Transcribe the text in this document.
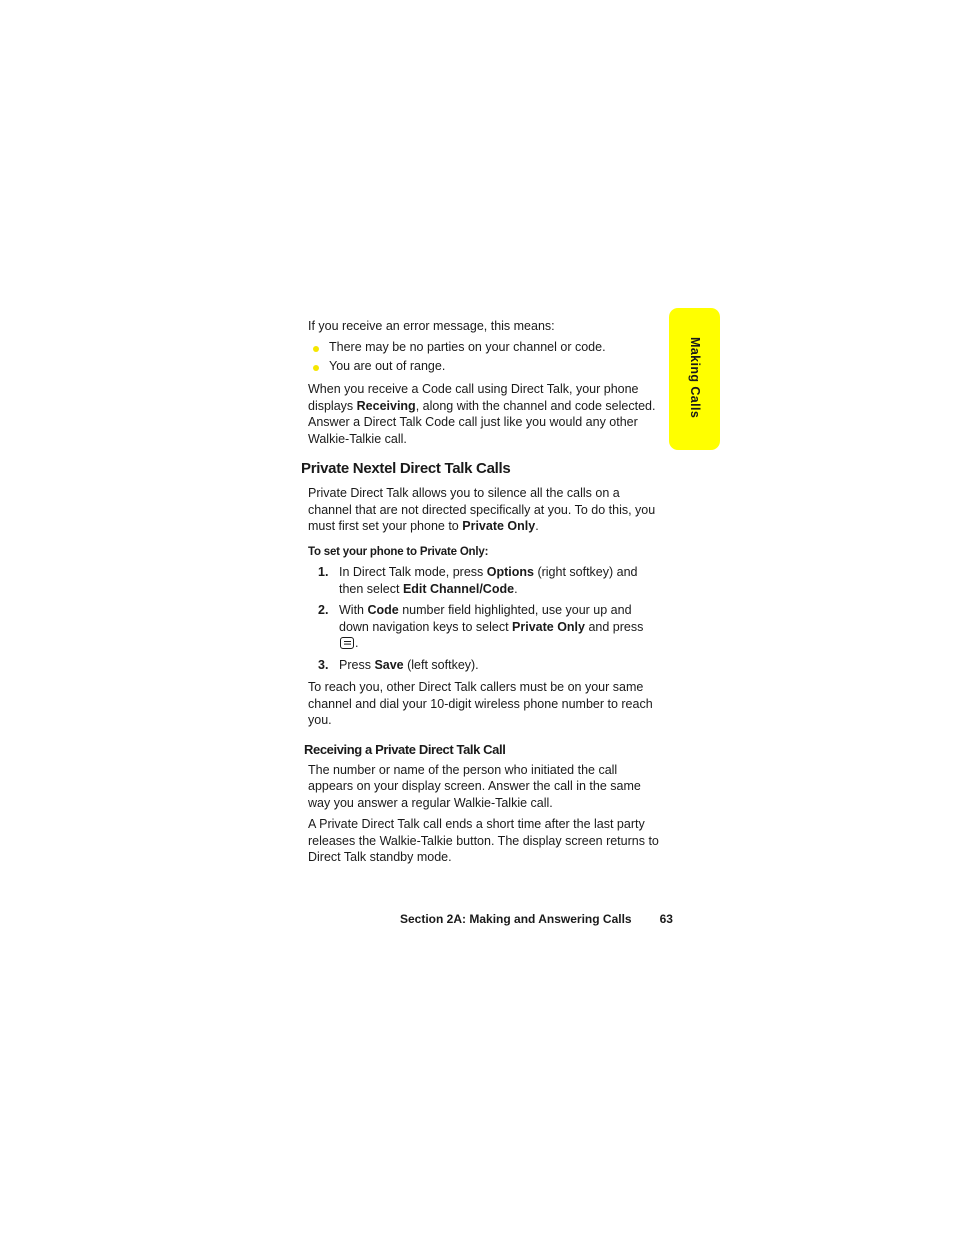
Making Calls

If you receive an error message, this means:

There may be no parties on your channel or code.
You are out of range.

When you receive a Code call using Direct Talk, your phone displays Receiving, along with the channel and code selected. Answer a Direct Talk Code call just like you would any other Walkie-Talkie call.

Private Nextel Direct Talk Calls

Private Direct Talk allows you to silence all the calls on a channel that are not directed specifically at you. To do this, you must first set your phone to Private Only.

To set your phone to Private Only:
1. In Direct Talk mode, press Options (right softkey) and then select Edit Channel/Code.
2. With Code number field highlighted, use your up and down navigation keys to select Private Only and press .
3. Press Save (left softkey).

To reach you, other Direct Talk callers must be on your same channel and dial your 10-digit wireless phone number to reach you.

Receiving a Private Direct Talk Call

The number or name of the person who initiated the call appears on your display screen. Answer the call in the same way you answer a regular Walkie-Talkie call.

A Private Direct Talk call ends a short time after the last party releases the Walkie-Talkie button. The display screen returns to Direct Talk standby mode.

Section 2A: Making and Answering Calls 63
